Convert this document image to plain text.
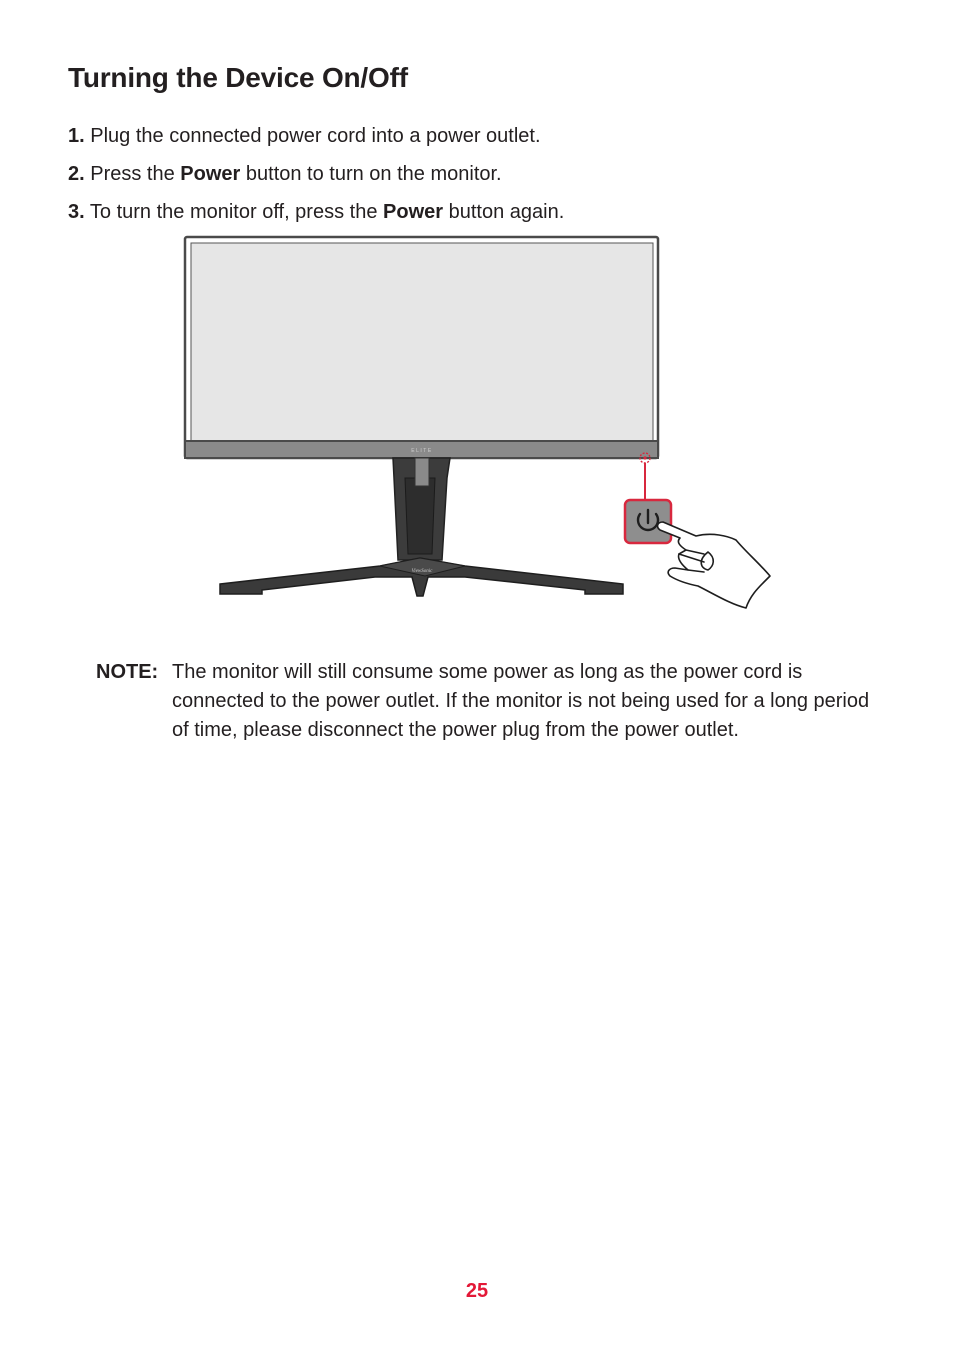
Turning the Device On/Off
1. Plug the connected power cord into a power outlet.
2. Press the Power button to turn on the monitor.
3. To turn the monitor off, press the Power button again.
ELITE
ViewSonic
NOTE: The monitor will still consume some power as long as the power cord is connected to the power outlet. If the monitor is not being used for a long period of time, please disconnect the power plug from the power outlet.
25
